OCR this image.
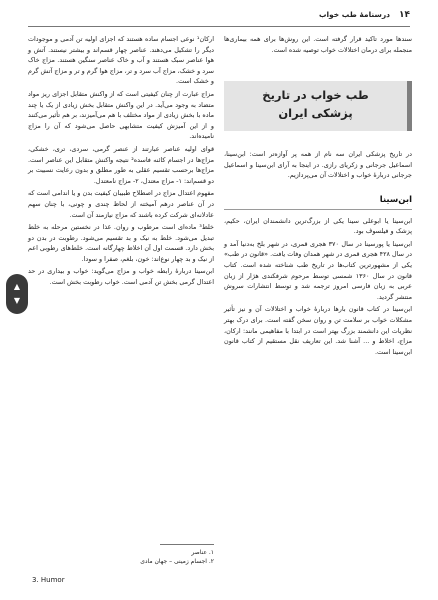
۱۴
درسنامهٔ طب خواب

سندها مورد تاکید قرار گرفته است. این روش‌ها برای همه بیماری‌ها منجمله برای درمان اختلالات خواب توصیه شده است.

طب خواب در تاریخ
پزشکی ایران

در تاریخ پزشکی ایران سه نام از همه پر آوازه‌تر است: ابن‌سینا، اسماعیل جرجانی و زکریای رازی. در اینجا به آرای ابن‌سینا و اسماعیل جرجانی دربارهٔ خواب و اختلالات آن می‌پردازیم.

ابن‌سینا

ابن‌سینا یا ابوعلی سینا یکی از بزرگ‌ترین دانشمندان ایران، حکیم، پزشک و فیلسوف بود.

ابن‌سینا یا پورسینا در سال ۳۷۰ هجری قمری، در شهر بلخ به‌دنیا آمد و در سال ۴۲۸ هجری قمری در شهر همدان وفات یافت. «قانون در طب» یکی از مشهورترین کتاب‌ها در تاریخ طب شناخته شده است. کتاب قانون در سال ۱۳۶۰ شمسی توسط مرحوم شرفکندی هژار از زبان عربی به زبان فارسی امروز ترجمه شد و توسط انتشارات سروش منتشر گردید.

ابن‌سینا در کتاب قانون بارها دربارهٔ خواب و اختلالات آن و نیز تأثیر مشکلات خواب بر سلامت تن و روان سخن گفته است. برای درک بهتر نظریات این دانشمند بزرگ بهتر است در ابتدا با مفاهیمی مانند: ارکان، مزاج، اخلاط و ... آشنا شد. این تعاریف نقل مستقیم از کتاب قانون ابن‌سینا است.

ارکان¹ نوعی اجسام ساده هستند که اجزای اولیه تن آدمی و موجودات دیگر را تشکیل می‌دهند. عناصر چهار قسم‌اند و بیشتر نیستند. آتش و هوا عناصر سبک هستند و آب و خاک عناصر سنگین هستند. مزاج خاک سرد و خشک، مزاج آب سرد و تر، مزاج هوا گرم و تر و مزاج آتش گرم و خشک است.

مزاج عبارت از چنان کیفیتی است که از واکنش متقابل اجزای ریز مواد متضاد به وجود می‌آید. در این واکنش متقابل بخش زیادی از یک یا چند ماده با بخش زیادی از مواد مختلف با هم می‌آمیزند، بر هم تأثیر می‌کنند و از این آمیزش کیفیت متشابهی حاصل می‌شود که آن را مزاج نامیده‌اند.

قوای اولیه عناصر عبارتند از عنصر گرمی، سردی، تری، خشکی، مزاج‌ها در اجسام کائنه فاسده² نتیجه واکنش متقابل این عناصر است. مزاج‌ها برحسب تقسیم عقلی به طور مطلق و بدون رعایت نسبیت بر دو قسم‌اند: ۱- مزاج معتدل، ۲- مزاج نامعتدل.

مفهوم اعتدال مزاج در اصطلاح طبیبان کیفیت بدن و یا اندامی است که در آن عناصر درهم آمیخته از لحاظ چندی و چونی، با چنان سهم عادلانه‌ای شرکت کرده باشند که مزاج نیازمند آن است.

خلط³ ماده‌ای است مرطوب و روان. غذا در نخستین مرحله به خلط تبدیل می‌شود. خلط به نیک و بد تقسیم می‌شود. رطوبت در بدن دو بخش دارد. قسمت اول آن اخلاط چهارگانه است. خلط‌های رطوبی اعم از نیک و بد چهار نوع‌اند: خون، بلغم، صفرا و سودا.

ابن‌سینا دربارهٔ رابطه خواب و مزاج می‌گوید: خواب و بیداری در حد اعتدال گرمی بخش تن آدمی است. خواب رطوبت بخش است.

۱. عناصر
۲. اجسام زمینی – جهان مادی
3. Humor
▲
▼
